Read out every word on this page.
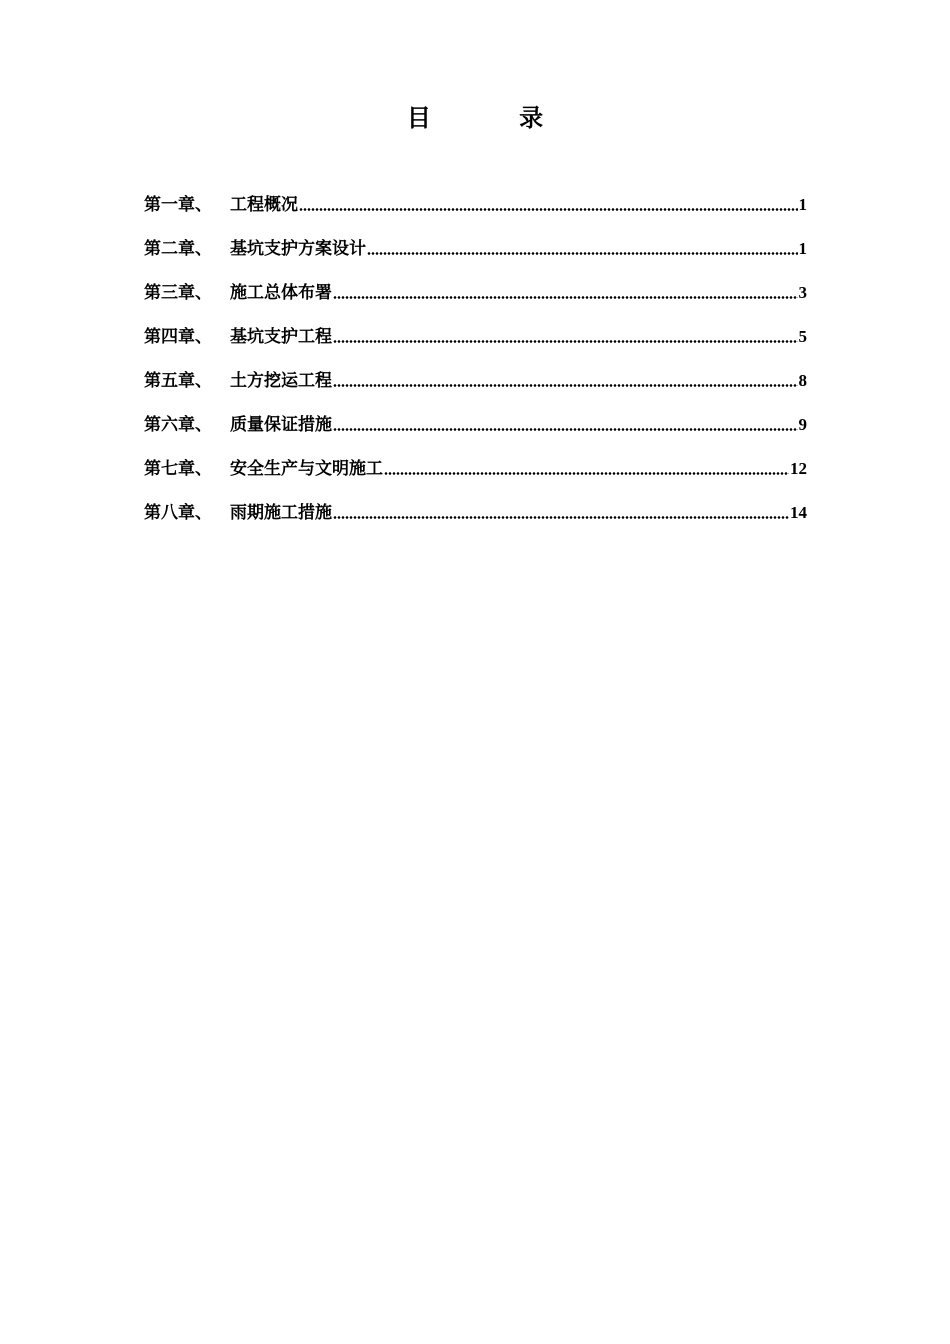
目 录
第一章、	工程概况	1
第二章、	基坑支护方案设计	1
第三章、	施工总体布署	3
第四章、	基坑支护工程	5
第五章、	土方挖运工程	8
第六章、	质量保证措施	9
第七章、	安全生产与文明施工	12
第八章、	雨期施工措施	14
